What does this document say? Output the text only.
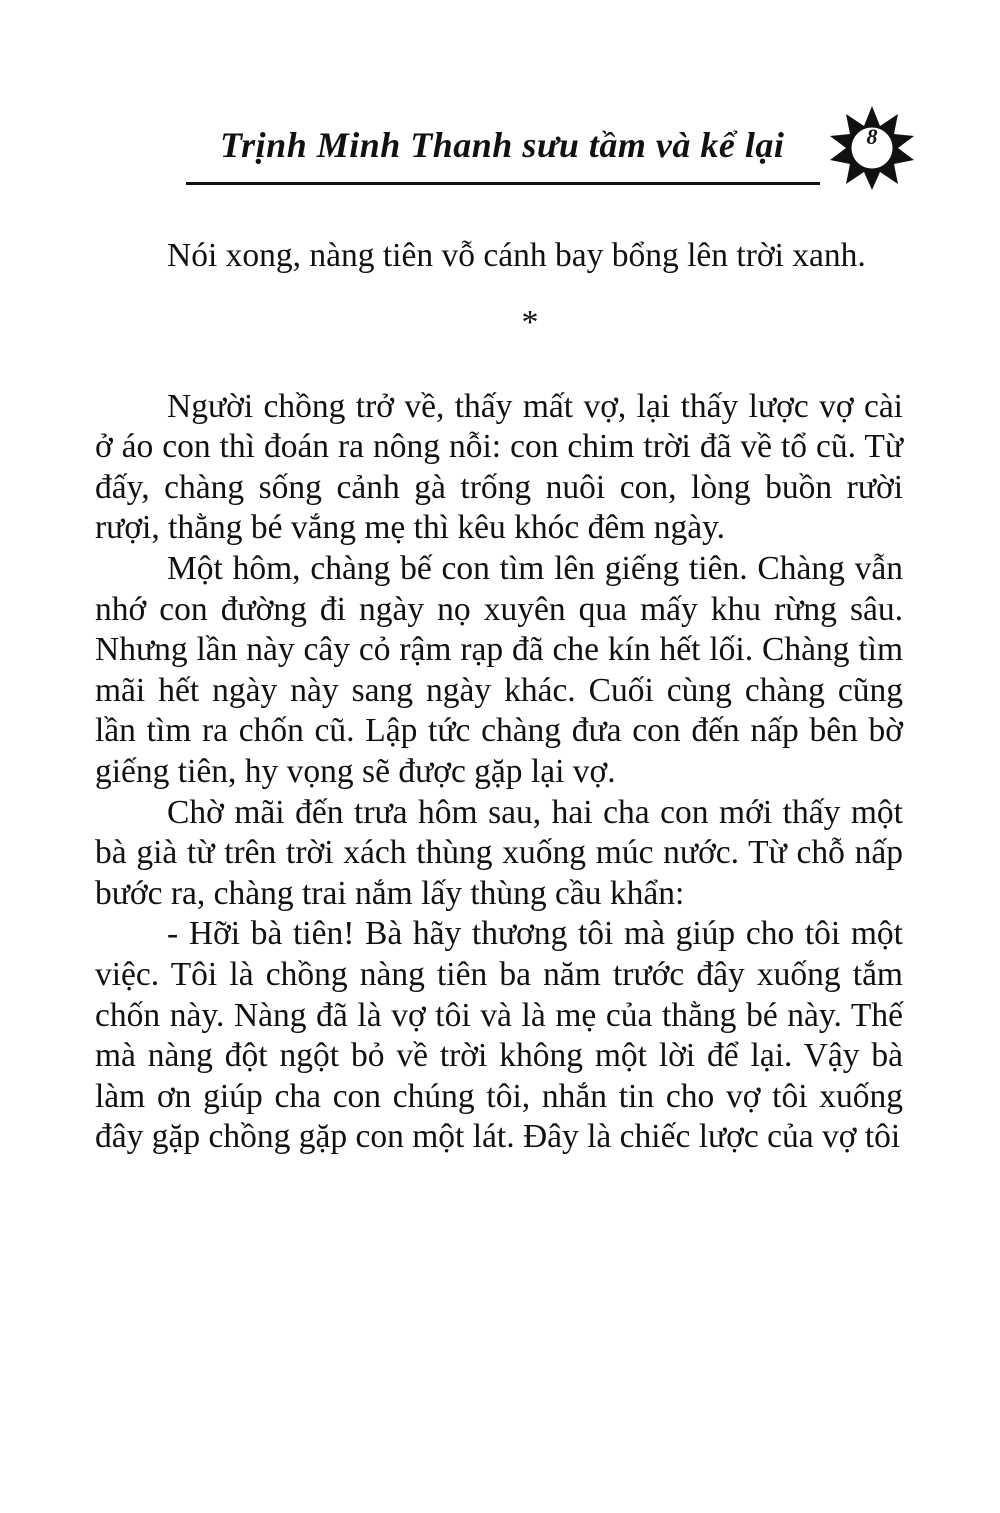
Trịnh Minh Thanh sưu tầm và kể lại	8

Nói xong, nàng tiên vỗ cánh bay bổng lên trời xanh.

*

Người chồng trở về, thấy mất vợ, lại thấy lược vợ cài ở áo con thì đoán ra nông nỗi: con chim trời đã về tổ cũ. Từ đấy, chàng sống cảnh gà trống nuôi con, lòng buồn rười rượi, thằng bé vắng mẹ thì kêu khóc đêm ngày.

Một hôm, chàng bế con tìm lên giếng tiên. Chàng vẫn nhớ con đường đi ngày nọ xuyên qua mấy khu rừng sâu. Nhưng lần này cây cỏ rậm rạp đã che kín hết lối. Chàng tìm mãi hết ngày này sang ngày khác. Cuối cùng chàng cũng lần tìm ra chốn cũ. Lập tức chàng đưa con đến nấp bên bờ giếng tiên, hy vọng sẽ được gặp lại vợ.

Chờ mãi đến trưa hôm sau, hai cha con mới thấy một bà già từ trên trời xách thùng xuống múc nước. Từ chỗ nấp bước ra, chàng trai nắm lấy thùng cầu khẩn:

- Hỡi bà tiên! Bà hãy thương tôi mà giúp cho tôi một việc. Tôi là chồng nàng tiên ba năm trước đây xuống tắm chốn này. Nàng đã là vợ tôi và là mẹ của thằng bé này. Thế mà nàng đột ngột bỏ về trời không một lời để lại. Vậy bà làm ơn giúp cha con chúng tôi, nhắn tin cho vợ tôi xuống đây gặp chồng gặp con một lát. Đây là chiếc lược của vợ tôi
